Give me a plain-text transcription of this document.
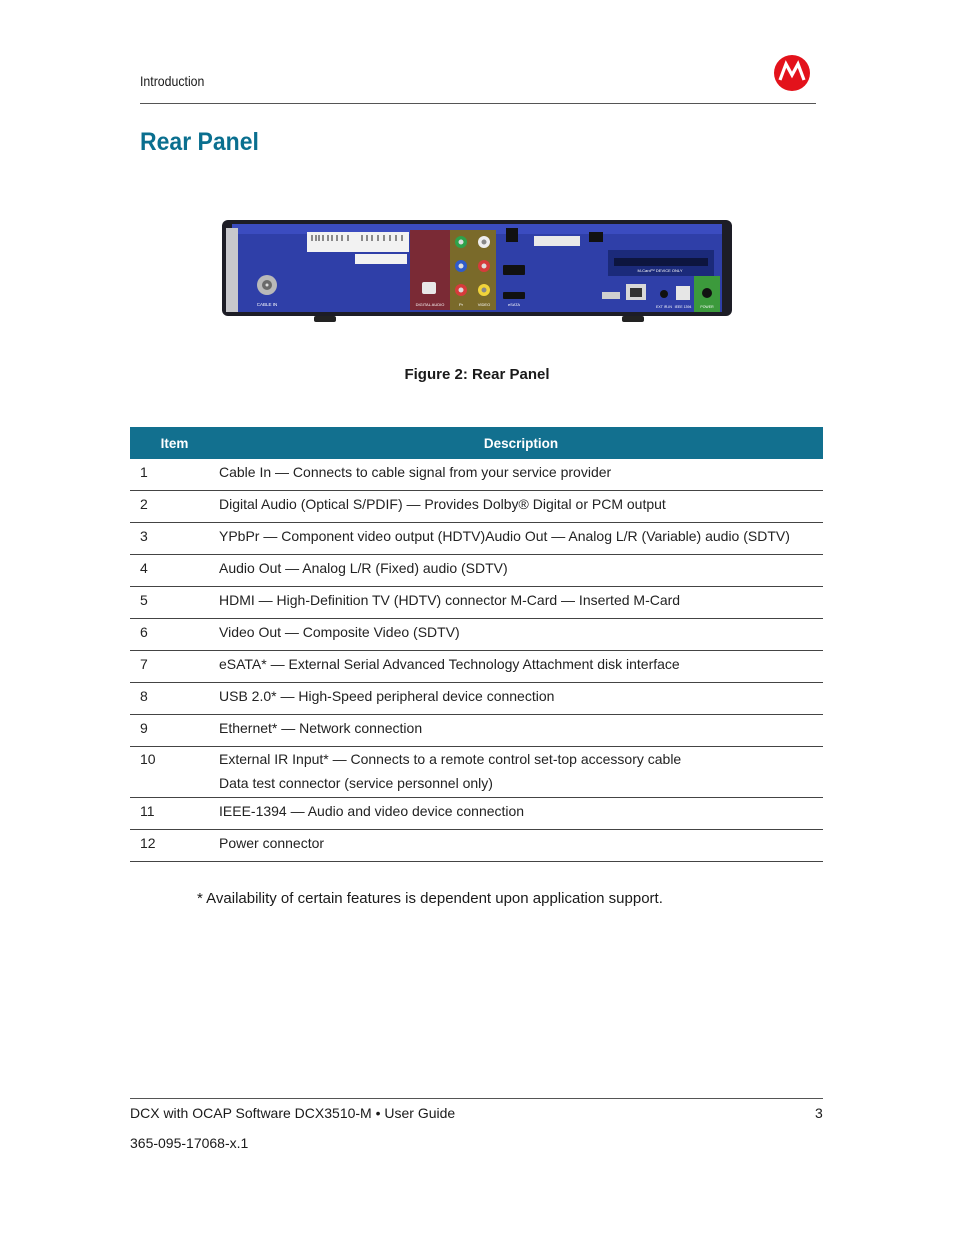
Introduction
Rear Panel
CABLE IN	DIGITAL AUDIO	Pr	VIDEO	eSATA
M-Card™ DEVICE ONLY
EXT IR-IN IEEE 1394	POWER
Figure 2: Rear Panel
Item	Description
1	Cable In — Connects to cable signal from your service provider
2	Digital Audio (Optical S/PDIF) — Provides Dolby® Digital or PCM output
3	YPbPr — Component video output (HDTV)Audio Out — Analog L/R (Variable) audio (SDTV)
4	Audio Out — Analog L/R (Fixed) audio (SDTV)
5	HDMI — High-Definition TV (HDTV) connector M-Card — Inserted M-Card
6	Video Out — Composite Video (SDTV)
7	eSATA* — External Serial Advanced Technology Attachment disk interface
8	USB 2.0* — High-Speed peripheral device connection
9	Ethernet* — Network connection
10	External IR Input* — Connects to a remote control set-top accessory cable
Data test connector (service personnel only)

11	IEEE-1394 — Audio and video device connection
12	Power connector
* Availability of certain features is dependent upon application support.
DCX with OCAP Software DCX3510-M • User Guide	3
365-095-17068-x.1
